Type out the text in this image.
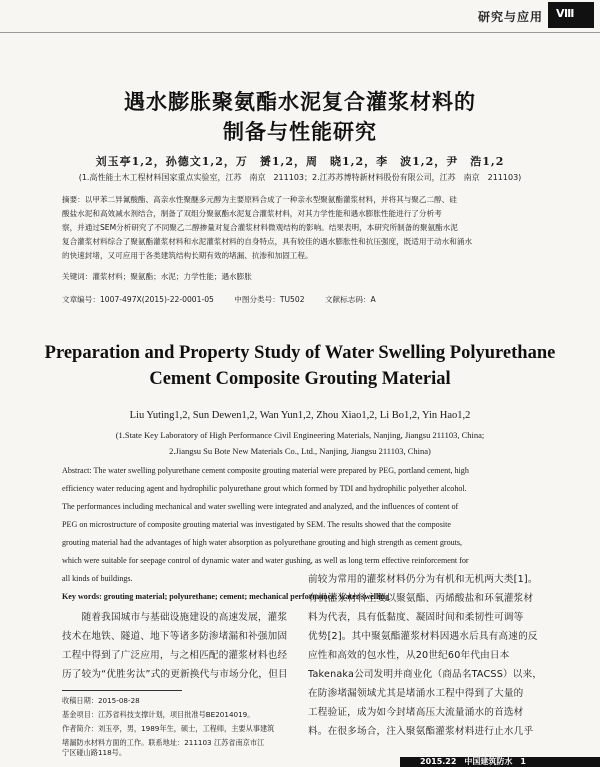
研究与应用 Ⅷ
遇水膨胀聚氨酯水泥复合灌浆材料的
制备与性能研究
刘玉亭1,2，孙德文1,2，万　赟1,2，周　晓1,2，李　波1,2，尹　浩1,2
(1.高性能土木工程材料国家重点实验室，江苏　南京　211103；2.江苏苏博特新材料股份有限公司，江苏　南京　211103)
摘要：以甲苯二异氰酸酯、高亲水性聚醚多元醇为主要原料合成了一种亲水型聚氨酯灌浆材料，并将其与聚乙二醇、硅
酸盐水泥和高效减水剂结合，制备了双组分聚氨酯水泥复合灌浆材料，对其力学性能和遇水膨胀性能进行了分析考
察，并通过SEM分析研究了不同聚乙二醇掺量对复合灌浆材料微观结构的影响。结果表明，本研究所制备的聚氨酯水泥
复合灌浆材料综合了聚氨酯灌浆材料和水泥灌浆材料的自身特点，具有较佳的遇水膨胀性和抗压强度，既适用于动水和涌水
的快速封堵，又可应用于各类建筑结构长期有效的堵漏、抗渗和加固工程。
关键词：灌浆材料；聚氨酯；水泥；力学性能；遇水膨胀
文章编号：1007-497X(2015)-22-0001-05	中图分类号：TU502	文献标志码：A
Preparation and Property Study of Water Swelling Polyurethane
Cement Composite Grouting Material
Liu Yuting1,2, Sun Dewen1,2, Wan Yun1,2, Zhou Xiao1,2, Li Bo1,2, Yin Hao1,2
(1.State Key Laboratory of High Performance Civil Engineering Materials, Nanjing, Jiangsu 211103, China;
2.Jiangsu Su Bote New Materials Co., Ltd., Nanjing, Jiangsu 211103, China)
Abstract: The water swelling polyurethane cement composite grouting material were prepared by PEG, portland cement, high
efficiency water reducing agent and hydrophilic polyurethane grout which formed by TDI and hydrophilic polyether alcohol.
The performances including mechanical and water swelling were integrated and analyzed, and the influences of content of
PEG on microstructure of composite grouting material was investigated by SEM. The results showed that the composite
grouting material had the advantages of high water absorption as polyurethane grouting and high strength as cement grouts,
which were suitable for seepage control of dynamic water and water gushing, as well as long term effective reinforcement for
all kinds of buildings.
Key words: grouting material; polyurethane; cement; mechanical performance; water swelling
　　随着我国城市与基础设施建设的高速发展，灌浆
技术在地铁、隧道、地下等诸多防渗堵漏和补强加固
工程中得到了广泛应用，与之相匹配的灌浆材料也经
历了较为“优胜劣汰”式的更新换代与市场分化，但目
收稿日期：2015-08-28
基金项目：江苏省科技支撑计划，项目批准号BE2014019。
作者简介：刘玉亭，男，1989年生，硕士，工程师，主要从事建筑
堵漏防水材料方面的工作。联系地址：211103 江苏省南京市江
宁区碰山路118号。
前较为常用的灌浆材料仍分为有机和无机两大类[1]。
有机灌浆材料主要以聚氨酯、丙烯酸盐和环氧灌浆材
料为代表，具有低黏度、凝固时间和柔韧性可调等
优势[2]。其中聚氨酯灌浆材料因遇水后具有高速的反
应性和高效的包水性，从20世纪60年代由日本
Takenaka公司发明并商业化（商品名TACSS）以来，
在防渗堵漏领域尤其是堵涌水工程中得到了大量的
工程验证，成为如今封堵高压大流量涌水的首选材
料。在很多场合，注入聚氨酯灌浆材料进行止水几乎
2015.22　中国建筑防水　1
